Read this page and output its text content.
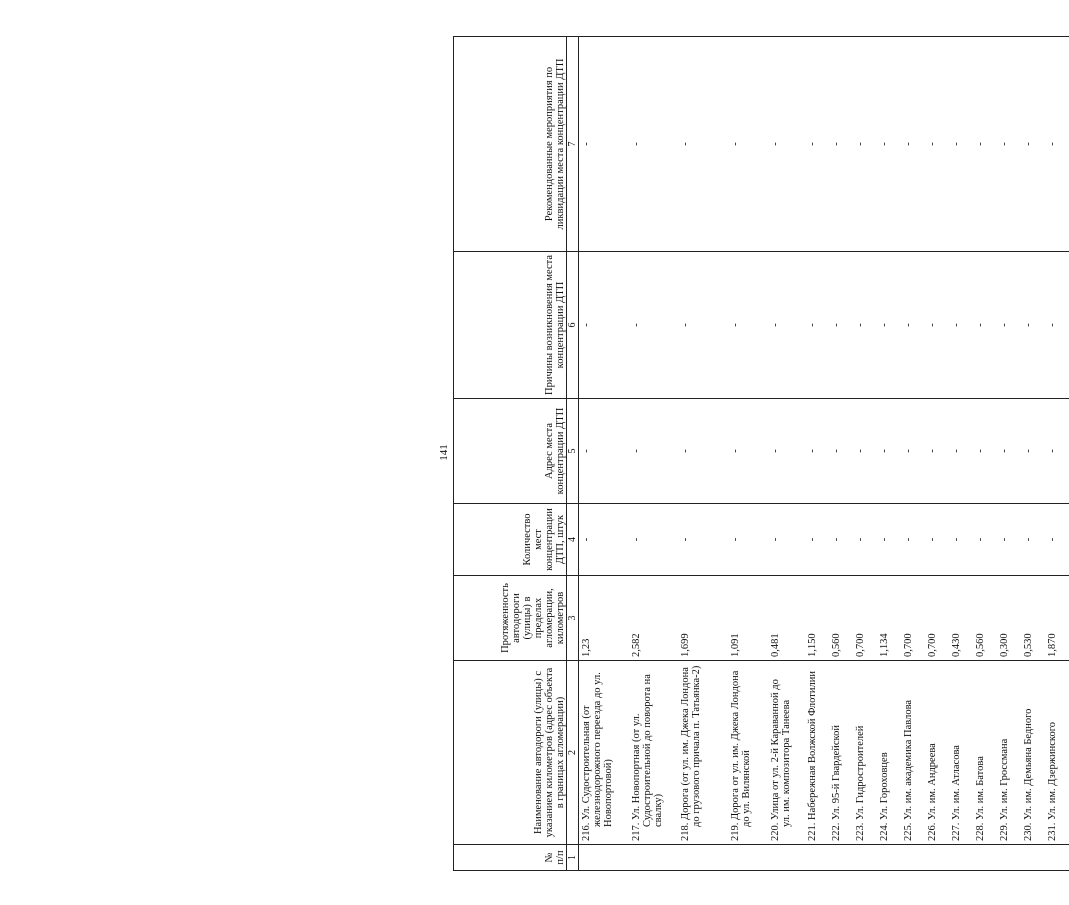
141
№ п/п	Наименование автодороги (улицы) с указанием километров (адрес объекта в границах агломерации)	Протяженность автодороги (улицы) в пределах агломерации, километров	Количество мест концентрации ДТП, штук	Адрес места концентрации ДТП	Причины возникновения места концентрации ДТП	Рекомендованные мероприятия по ликвидации места концентрации ДТП
1	2	3	4	5	6	7
	216. Ул. Судостроительная (от железнодорожного переезда до ул. Новопортовой)	1,23	-	-	-	-
	217. Ул. Новопортная (от ул. Судостроительной до поворота на свалку)	2,582	-	-	-	-
	218. Дорога (от ул. им. Джека Лондона до грузового причала п. Татьянка-2)	1,699	-	-	-	-
	219. Дорога от ул. им. Джека Лондона до ул. Вилянской	1,091	-	-	-	-
	220. Улица от ул. 2-й Караванной до ул. им. композитора Танеева	0,481	-	-	-	-
	221. Набережная Волжской Флотилии	1,150	-	-	-	-
	222. Ул. 95-й Гвардейской	0,560	-	-	-	-
	223. Ул. Гидростроителей	0,700	-	-	-	-
	224. Ул. Гороховцев	1,134	-	-	-	-
	225. Ул. им. академика Павлова	0,700	-	-	-	-
	226. Ул. им. Андреева	0,700	-	-	-	-
	227. Ул. им. Атласова	0,430	-	-	-	-
	228. Ул. им. Батова	0,560	-	-	-	-
	229. Ул. им. Гроссмана	0,300	-	-	-	-
	230. Ул. им. Демьяна Бедного	0,530	-	-	-	-
	231. Ул. им. Дзержинского	1,870	-	-	-	-
